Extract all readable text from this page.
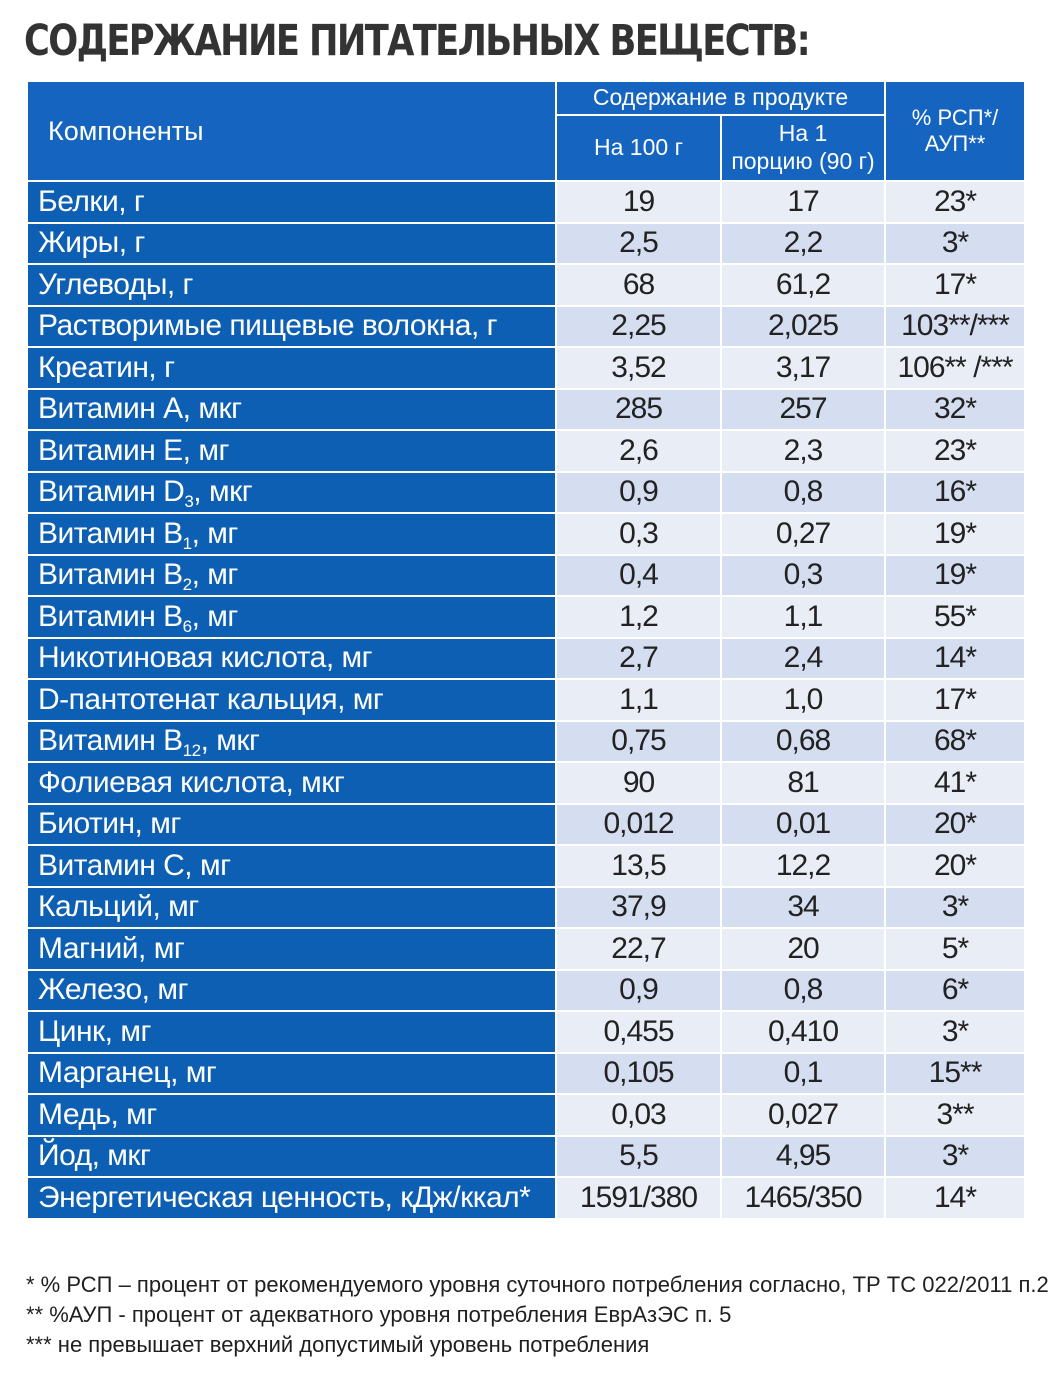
СОДЕРЖАНИЕ ПИТАТЕЛЬНЫХ ВЕЩЕСТВ:
Компоненты	Содержание в продукте		% РСП*/
АУП**

	На 100 г	На 1
порцию (90 г)	

Белки, г	19	17	23*
Жиры, г	2,5	2,2	3*
Углеводы, г	68	61,2	17*
Растворимые пищевые волокна, г	2,25	2,025	103**/***
Креатин, г	3,52	3,17	106** /***
Витамин А, мкг	285	257	32*
Витамин Е, мг	2,6	2,3	23*
Витамин $D_3$, мкг	0,9	0,8	16*
Витамин $B_1$, мг	0,3	0,27	19*
Витамин $B_2$, мг	0,4	0,3	19*
Витамин $B_6$, мг	1,2	1,1	55*
Никотиновая кислота, мг	2,7	2,4	14*
D-пантотенат кальция, мг	1,1	1,0	17*
Витамин $B_{12}$, мкг	0,75	0,68	68*
Фолиевая кислота, мкг	90	81	41*
Биотин, мг	0,012	0,01	20*
Витамин С, мг	13,5	12,2	20*
Кальций, мг	37,9	34	3*
Магний, мг	22,7	20	5*
Железо, мг	0,9	0,8	6*
Цинк, мг	0,455	0,410	3*
Марганец, мг	0,105	0,1	15**
Медь, мг	0,03	0,027	3**
Йод, мкг	5,5	4,95	3*
Энергетическая ценность, кДж/ккал*	1591/380	1465/350	14*
* % РСП – процент от рекомендуемого уровня суточного потребления согласно, ТР ТС 022/2011 п.2
** %АУП - процент от адекватного уровня потребления ЕврАзЭС п. 5
*** не превышает верхний допустимый уровень потребления
